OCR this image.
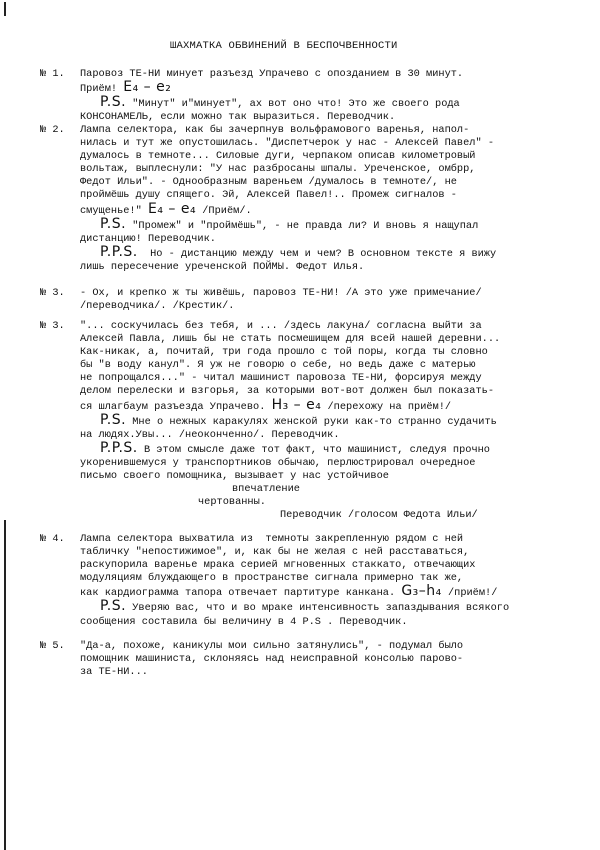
ШАХМАТКА ОБВИНЕНИЙ В БЕСПОЧВЕННОСТИ
№ 1.	Паровоз ТЕ-НИ минует разъезд Упрачево с опозданием в 30 минут.
Приём! E₄ – e₂
P.S. "Минут" и"минует", ах вот оно что! Это же своего рода
КОНСОНАМЕЛЬ, если можно так выразиться. Переводчик.
№ 2.	Лампа селектора, как бы зачерпнув вольфрамового варенья, напол-
нилась и тут же опустошилась. "Диспетчерок у нас - Алексей Павел" -
думалось в темноте... Силовые дуги, черпаком описав километровый
вольтаж, выплеснули: "У нас разбросаны шпалы. Уреченское, омбрр,
Федот Ильи". - Однообразным вареньем /думалось в темноте/, не
проймёшь душу спящего. Эй, Алексей Павел!.. Промеж сигналов -
смущенье!" E₄ – e₄ /Приём/.
P.S. "Промеж" и "проймёшь", - не правда ли? И вновь я нащупал
дистанцию! Переводчик.
P.P.S.  Но - дистанцию между чем и чем? В основном тексте я вижу
лишь пересечение уреченской ПОЙМЫ. Федот Илья.
№ 3.	- Ох, и крепко ж ты живёшь, паровоз ТЕ-НИ! /А это уже примечание/
/переводчика/. /Крестик/.
№ 3.	"... соскучилась без тебя, и ... /здесь лакуна/ согласна выйти за
Алексей Павла, лишь бы не стать посмешищем для всей нашей деревни...
Как-никак, а, почитай, три года прошло с той поры, когда ты словно
бы "в воду канул". Я уж не говорю о себе, но ведь даже с матерью
не попрощался..." - читал машинист паровоза ТЕ-НИ, форсируя между
делом перелески и взгорья, за которыми вот-вот должен был показать-
ся шлагбаум разъезда Упрачево. H₃ – e₄ /перехожу на приём!/
P.S. Мне о нежных каракулях женской руки как-то странно судачить
на людях.Увы... /неоконченно/. Переводчик.
P.P.S. В этом смысле даже тот факт, что машинист, следуя прочно
укоренившемуся у транспортников обычаю, перлюстрировал очередное
письмо своего помощника, вызывает у нас устойчивое
впечатление
чертованны.
Переводчик /голосом Федота Ильи/
№ 4.	Лампа селектора выхватила из  темноты закрепленную рядом с ней
табличку "непостижимое", и, как бы не желая с ней расставаться,
раскупорила варенье мрака серией мгновенных стаккато, отвечающих
модуляциям блуждающего в пространстве сигнала примерно так же,
как кардиограмма тапора отвечает партитуре канкана. G₃–h₄ /приём!/
P.S. Уверяю вас, что и во мраке интенсивность запаздывания всякого
сообщения составила бы величину в 4 P.S . Переводчик.
№ 5.	"Да-а, похоже, каникулы мои сильно затянулись", - подумал было
помощник машиниста, склоняясь над неисправной консолью парово-
за ТЕ-НИ...
